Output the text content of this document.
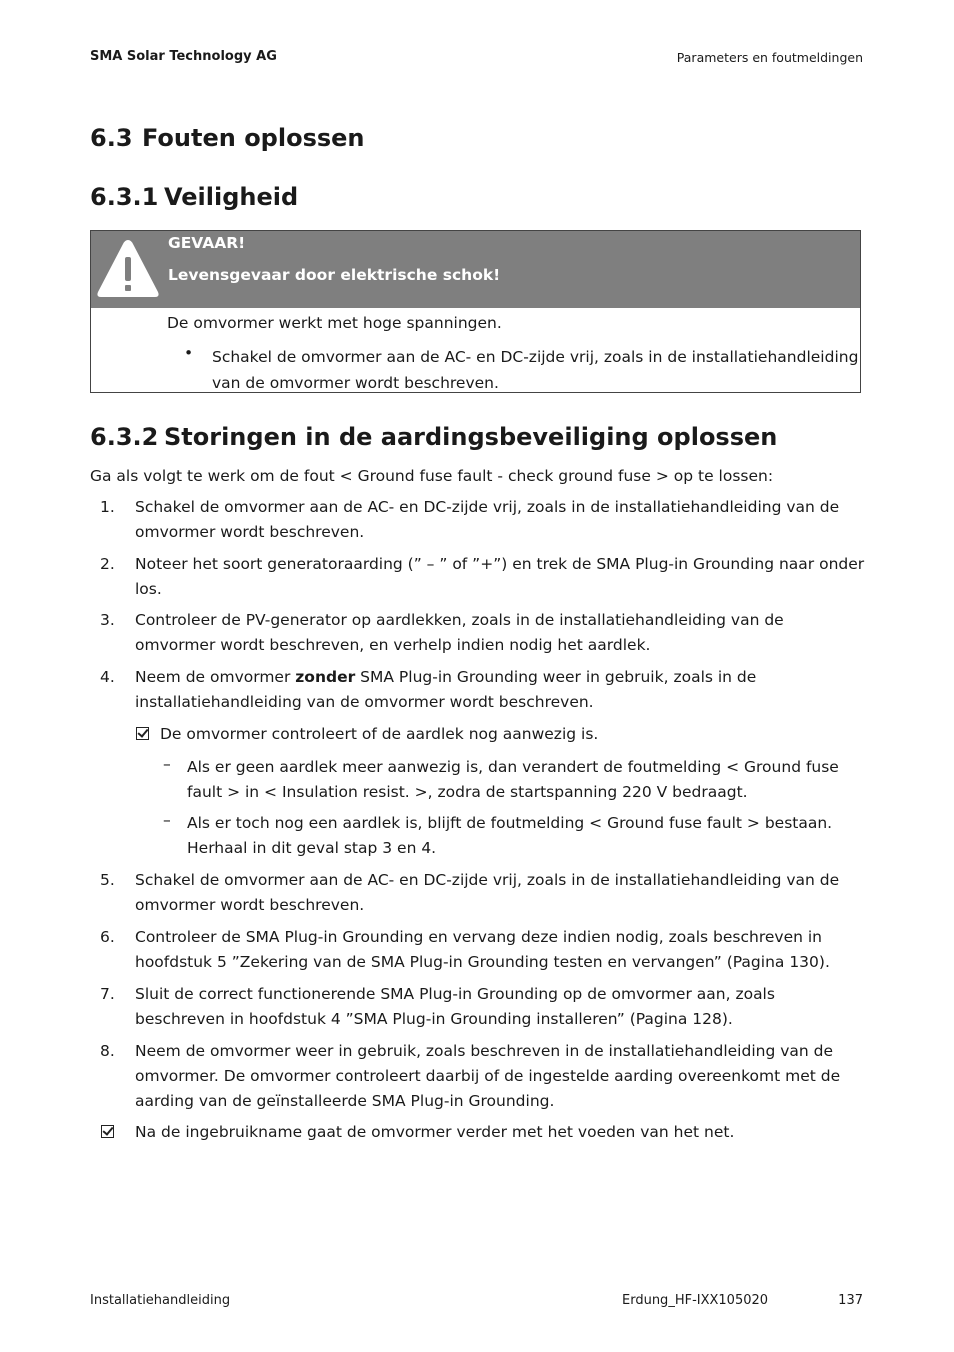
SMA Solar Technology AG	Parameters en foutmeldingen
6.3 Fouten oplossen
6.3.1 Veiligheid
GEVAAR!
Levensgevaar door elektrische schok!
De omvormer werkt met hoge spanningen.
• Schakel de omvormer aan de AC- en DC-zijde vrij, zoals in de installatiehandleiding van de omvormer wordt beschreven.
6.3.2 Storingen in de aardingsbeveiliging oplossen
Ga als volgt te werk om de fout < Ground fuse fault - check ground fuse > op te lossen:
1. Schakel de omvormer aan de AC- en DC-zijde vrij, zoals in de installatiehandleiding van de omvormer wordt beschreven.
2. Noteer het soort generatoraarding (” – ” of ”+”) en trek de SMA Plug-in Grounding naar onder los.
3. Controleer de PV-generator op aardlekken, zoals in de installatiehandleiding van de omvormer wordt beschreven, en verhelp indien nodig het aardlek.
4. Neem de omvormer zonder SMA Plug-in Grounding weer in gebruik, zoals in de installatiehandleiding van de omvormer wordt beschreven.
De omvormer controleert of de aardlek nog aanwezig is.
– Als er geen aardlek meer aanwezig is, dan verandert de foutmelding < Ground fuse fault > in < Insulation resist. >, zodra de startspanning 220 V bedraagt.
– Als er toch nog een aardlek is, blijft de foutmelding < Ground fuse fault > bestaan. Herhaal in dit geval stap 3 en 4.
5. Schakel de omvormer aan de AC- en DC-zijde vrij, zoals in de installatiehandleiding van de omvormer wordt beschreven.
6. Controleer de SMA Plug-in Grounding en vervang deze indien nodig, zoals beschreven in hoofdstuk 5 ”Zekering van de SMA Plug-in Grounding testen en vervangen” (Pagina 130).
7. Sluit de correct functionerende SMA Plug-in Grounding op de omvormer aan, zoals beschreven in hoofdstuk 4 ”SMA Plug-in Grounding installeren” (Pagina 128).
8. Neem de omvormer weer in gebruik, zoals beschreven in de installatiehandleiding van de omvormer. De omvormer controleert daarbij of de ingestelde aarding overeenkomt met de aarding van de geïnstalleerde SMA Plug-in Grounding.
Na de ingebruikname gaat de omvormer verder met het voeden van het net.
Installatiehandleiding	Erdung_HF-IXX105020	137
